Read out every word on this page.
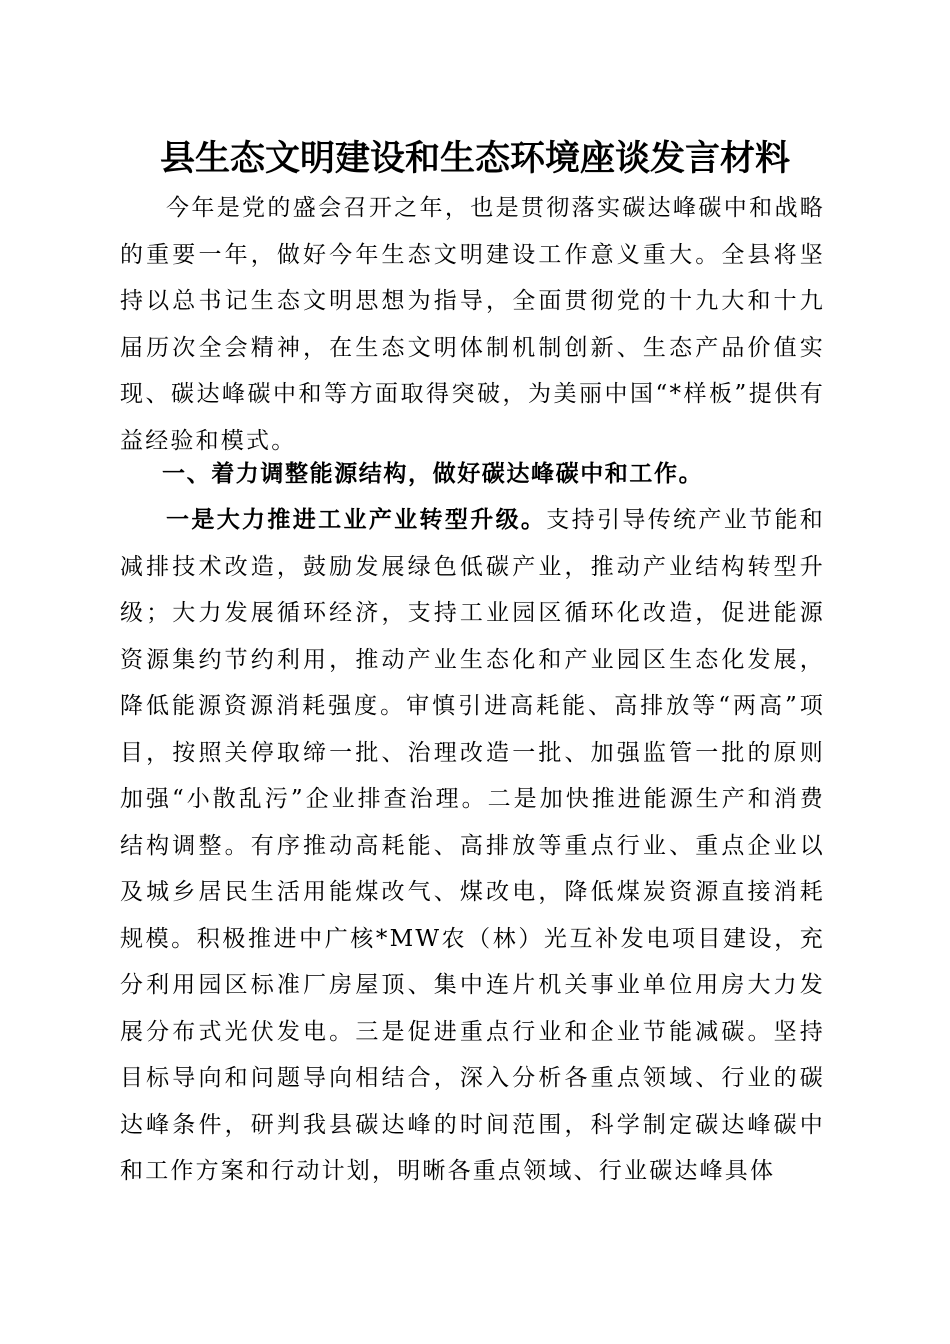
县生态文明建设和生态环境座谈发言材料

今年是党的盛会召开之年，也是贯彻落实碳达峰碳中和战略的重要一年，做好今年生态文明建设工作意义重大。全县将坚持以总书记生态文明思想为指导，全面贯彻党的十九大和十九届历次全会精神，在生态文明体制机制创新、生态产品价值实现、碳达峰碳中和等方面取得突破，为美丽中国“*样板”提供有益经验和模式。

一、着力调整能源结构，做好碳达峰碳中和工作。

一是大力推进工业产业转型升级。支持引导传统产业节能和减排技术改造，鼓励发展绿色低碳产业，推动产业结构转型升级；大力发展循环经济，支持工业园区循环化改造，促进能源资源集约节约利用，推动产业生态化和产业园区生态化发展，降低能源资源消耗强度。审慎引进高耗能、高排放等“两高”项目，按照关停取缔一批、治理改造一批、加强监管一批的原则加强“小散乱污”企业排查治理。二是加快推进能源生产和消费结构调整。有序推动高耗能、高排放等重点行业、重点企业以及城乡居民生活用能煤改气、煤改电，降低煤炭资源直接消耗规模。积极推进中广核*MW农（林）光互补发电项目建设，充分利用园区标准厂房屋顶、集中连片机关事业单位用房大力发展分布式光伏发电。三是促进重点行业和企业节能减碳。坚持目标导向和问题导向相结合，深入分析各重点领域、行业的碳达峰条件，研判我县碳达峰的时间范围，科学制定碳达峰碳中和工作方案和行动计划，明晰各重点领域、行业碳达峰具体
